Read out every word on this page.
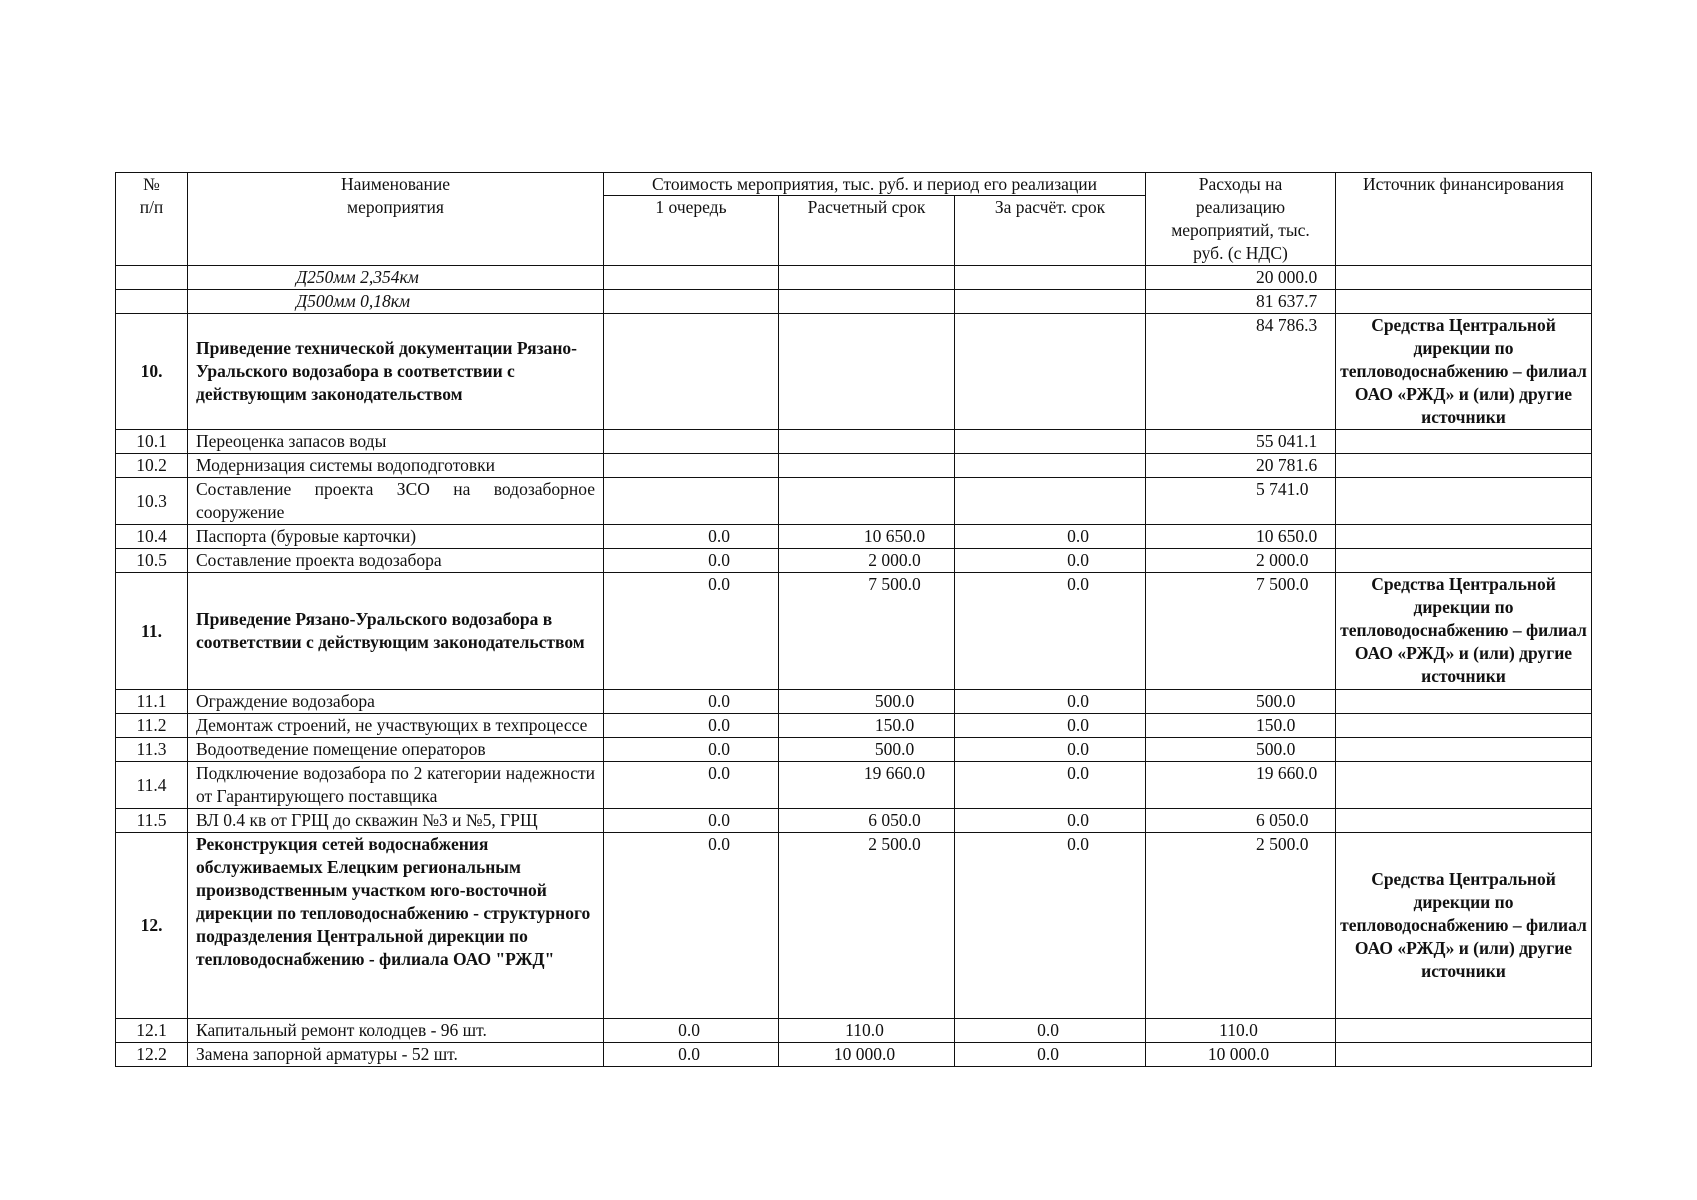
№ п/п	Наименование мероприятия	Стоимость мероприятия, тыс. руб. и период его реализации			Расходы на реализацию мероприятий, тыс. руб. (с НДС)	Источник финансирования
		1 очередь	Расчетный срок	За расчёт. срок		
	Д250мм 2,354км				20 000.0	
	Д500мм 0,18км				81 637.7	
10.	Приведение технической документации Рязано-Уральского водозабора в соответствии с действующим законодательством				84 786.3	Средства Центральной дирекции по тепловодоснабжению – филиал ОАО «РЖД» и (или) другие источники
10.1	Переоценка запасов воды				55 041.1	
10.2	Модернизация системы водоподготовки				20 781.6	
10.3	Составление проекта ЗСО на водозаборное сооружение				5 741.0	
10.4	Паспорта (буровые карточки)	0.0	10 650.0	0.0	10 650.0	
10.5	Составление проекта водозабора	0.0	2 000.0	0.0	2 000.0	
11.	Приведение Рязано-Уральского водозабора в соответствии с действующим законодательством	0.0	7 500.0	0.0	7 500.0	Средства Центральной дирекции по тепловодоснабжению – филиал ОАО «РЖД» и (или) другие источники
11.1	Ограждение водозабора	0.0	500.0	0.0	500.0	
11.2	Демонтаж строений, не участвующих в техпроцессе	0.0	150.0	0.0	150.0	
11.3	Водоотведение помещение операторов	0.0	500.0	0.0	500.0	
11.4	Подключение водозабора по 2 категории надежности от Гарантирующего поставщика	0.0	19 660.0	0.0	19 660.0	
11.5	ВЛ 0.4 кв от ГРЩ до скважин №3 и №5, ГРЩ	0.0	6 050.0	0.0	6 050.0	
12.	Реконструкция сетей водоснабжения обслуживаемых Елецким региональным производственным участком юго-восточной дирекции по тепловодоснабжению - структурного подразделения Центральной дирекции по тепловодоснабжению - филиала ОАО "РЖД"	0.0	2 500.0	0.0	2 500.0	Средства Центральной дирекции по тепловодоснабжению – филиал ОАО «РЖД» и (или) другие источники
12.1	Капитальный ремонт колодцев - 96 шт.	0.0	110.0	0.0	110.0	
12.2	Замена запорной арматуры - 52 шт.	0.0	10 000.0	0.0	10 000.0	
